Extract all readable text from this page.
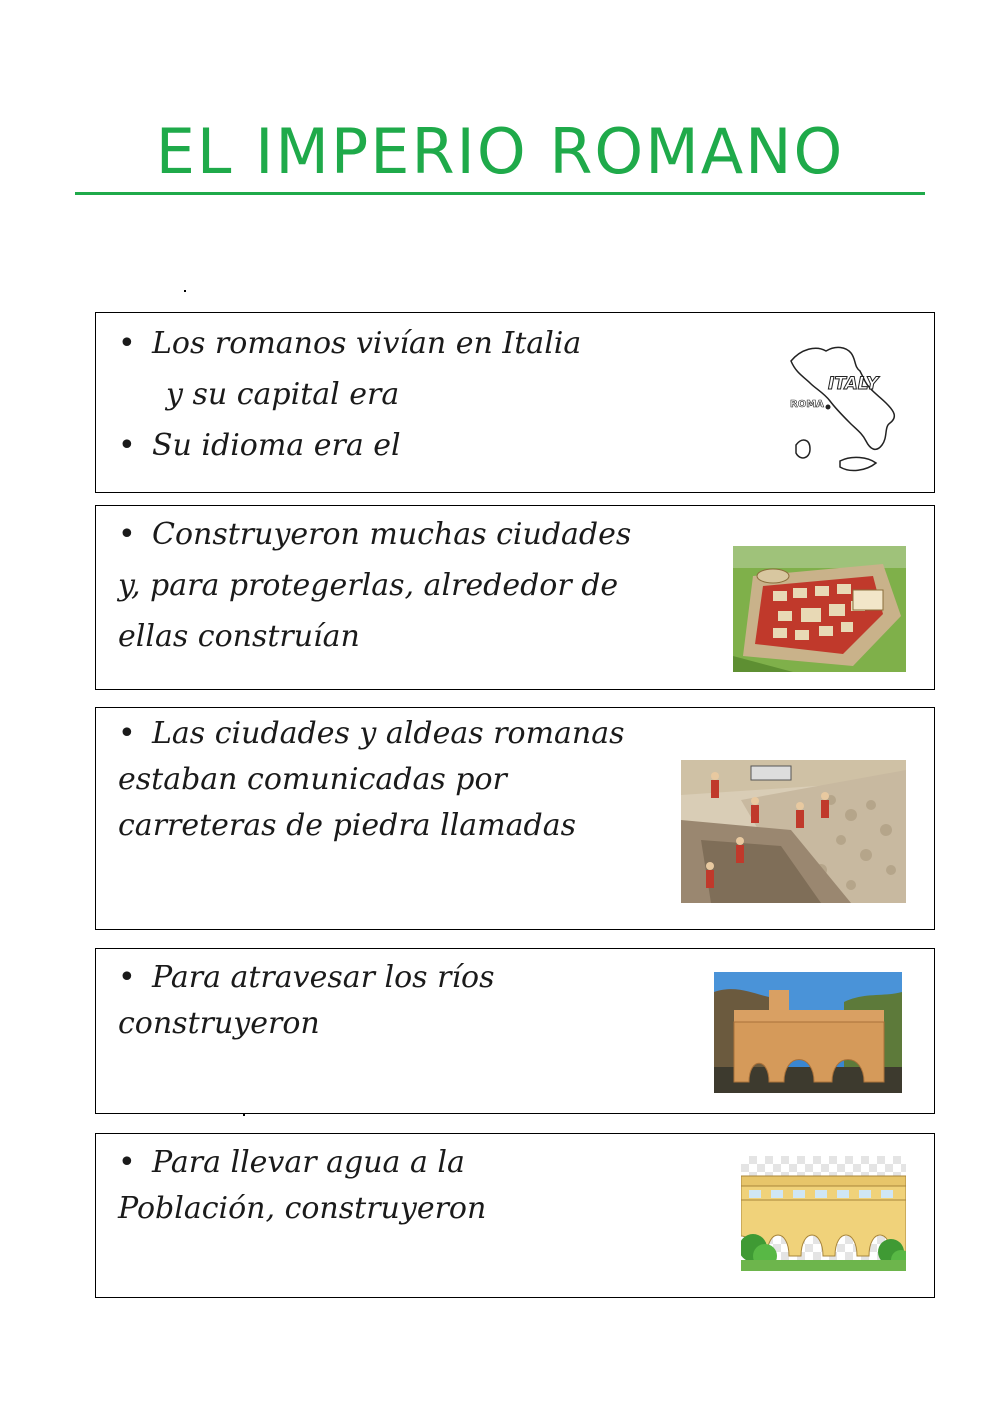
EL IMPERIO ROMANO
• Los romanos vivían en Italia
y su capital era
• Su idioma era el
ITALY
ROMA
• Construyeron muchas ciudades
y, para protegerlas, alrededor de
ellas construían
• Las ciudades y aldeas romanas
estaban comunicadas por
carreteras de piedra llamadas
• Para atravesar los ríos
construyeron
• Para llevar agua a la
Población, construyeron
